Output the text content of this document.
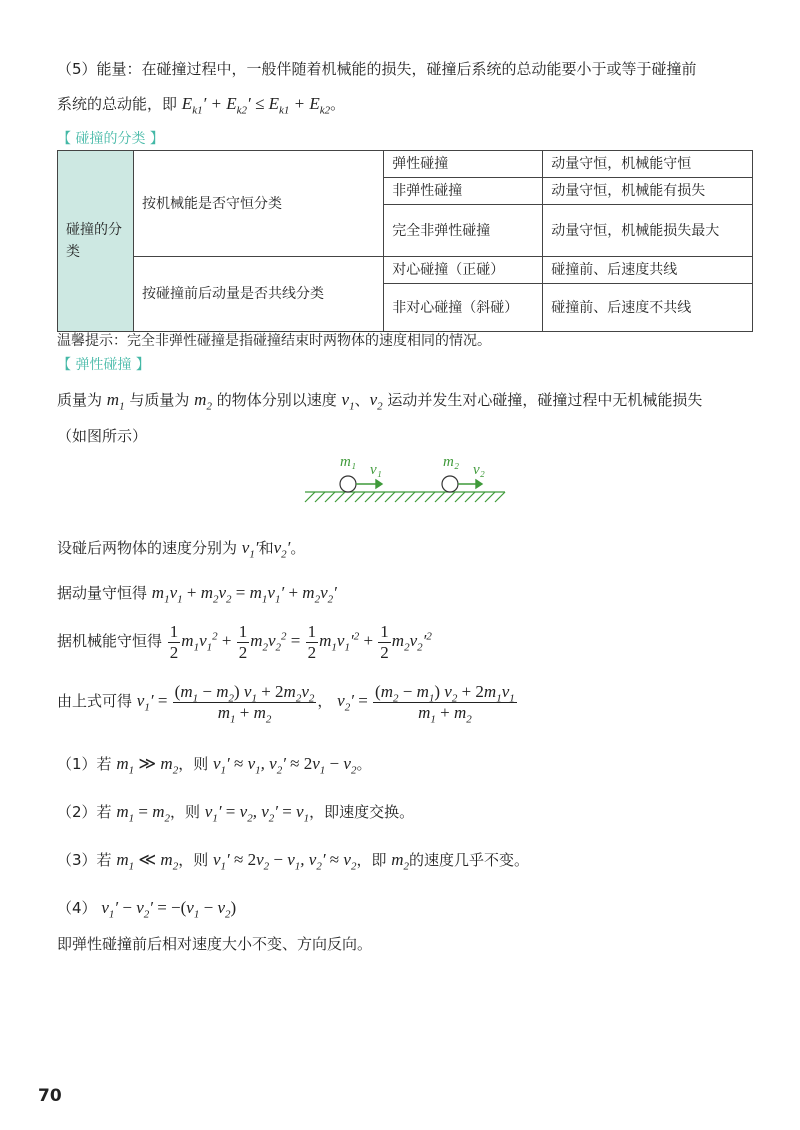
（5）能量：在碰撞过程中，一般伴随着机械能的损失，碰撞后系统的总动能要小于或等于碰撞前
系统的总动能，即 $E_{k1}' + E_{k2}' \le E_{k1} + E_{k2}$。
【 碰撞的分类 】
碰撞的分类	按机械能是否守恒分类	弹性碰撞	动量守恒，机械能守恒
		非弹性碰撞	动量守恒，机械能有损失
		完全非弹性碰撞	动量守恒，机械能损失最大
	按碰撞前后动量是否共线分类	对心碰撞（正碰）	碰撞前、后速度共线
		非对心碰撞（斜碰）	碰撞前、后速度不共线
温馨提示：完全非弹性碰撞是指碰撞结束时两物体的速度相同的情况。
【 弹性碰撞 】
质量为 $m_1$ 与质量为 $m_2$ 的物体分别以速度 $v_1$、$v_2$ 运动并发生对心碰撞，碰撞过程中无机械能损失
（如图所示）
m₁ v₁	m₂ v₂
设碰后两物体的速度分别为 $v_1'$和$v_2'$。
据动量守恒得 $m_1v_1 + m_2v_2 = m_1v_1' + m_2v_2'$
据机械能守恒得 $\frac{1}{2} m_1v_1^2 + \frac{1}{2} m_2v_2^2 = \frac{1}{2} m_1v_1'^2 + \frac{1}{2} m_2v_2'^2$
由上式可得 $v_1' = \frac{(m_1 - m_2) v_1 + 2m_2v_2}{m_1 + m_2}$ ， $v_2' = \frac{(m_2 - m_1) v_2 + 2m_1v_1}{m_1 + m_2}$
（1）若 $m_1$ ≫ $m_2$，则 $v_1' \approx v_1$, $v_2' \approx 2v_1 - v_2$。
（2）若 $m_1 = m_2$，则 $v_1' = v_2$, $v_2' = v_1$，即速度交换。
（3）若 $m_1$ ≪ $m_2$，则 $v_1' \approx 2v_2 - v_1$, $v_2' \approx v_2$，即 $m_2$的速度几乎不变。
（4） $v_1' - v_2' = -(v_1 - v_2)$
即弹性碰撞前后相对速度大小不变、方向反向。
70
